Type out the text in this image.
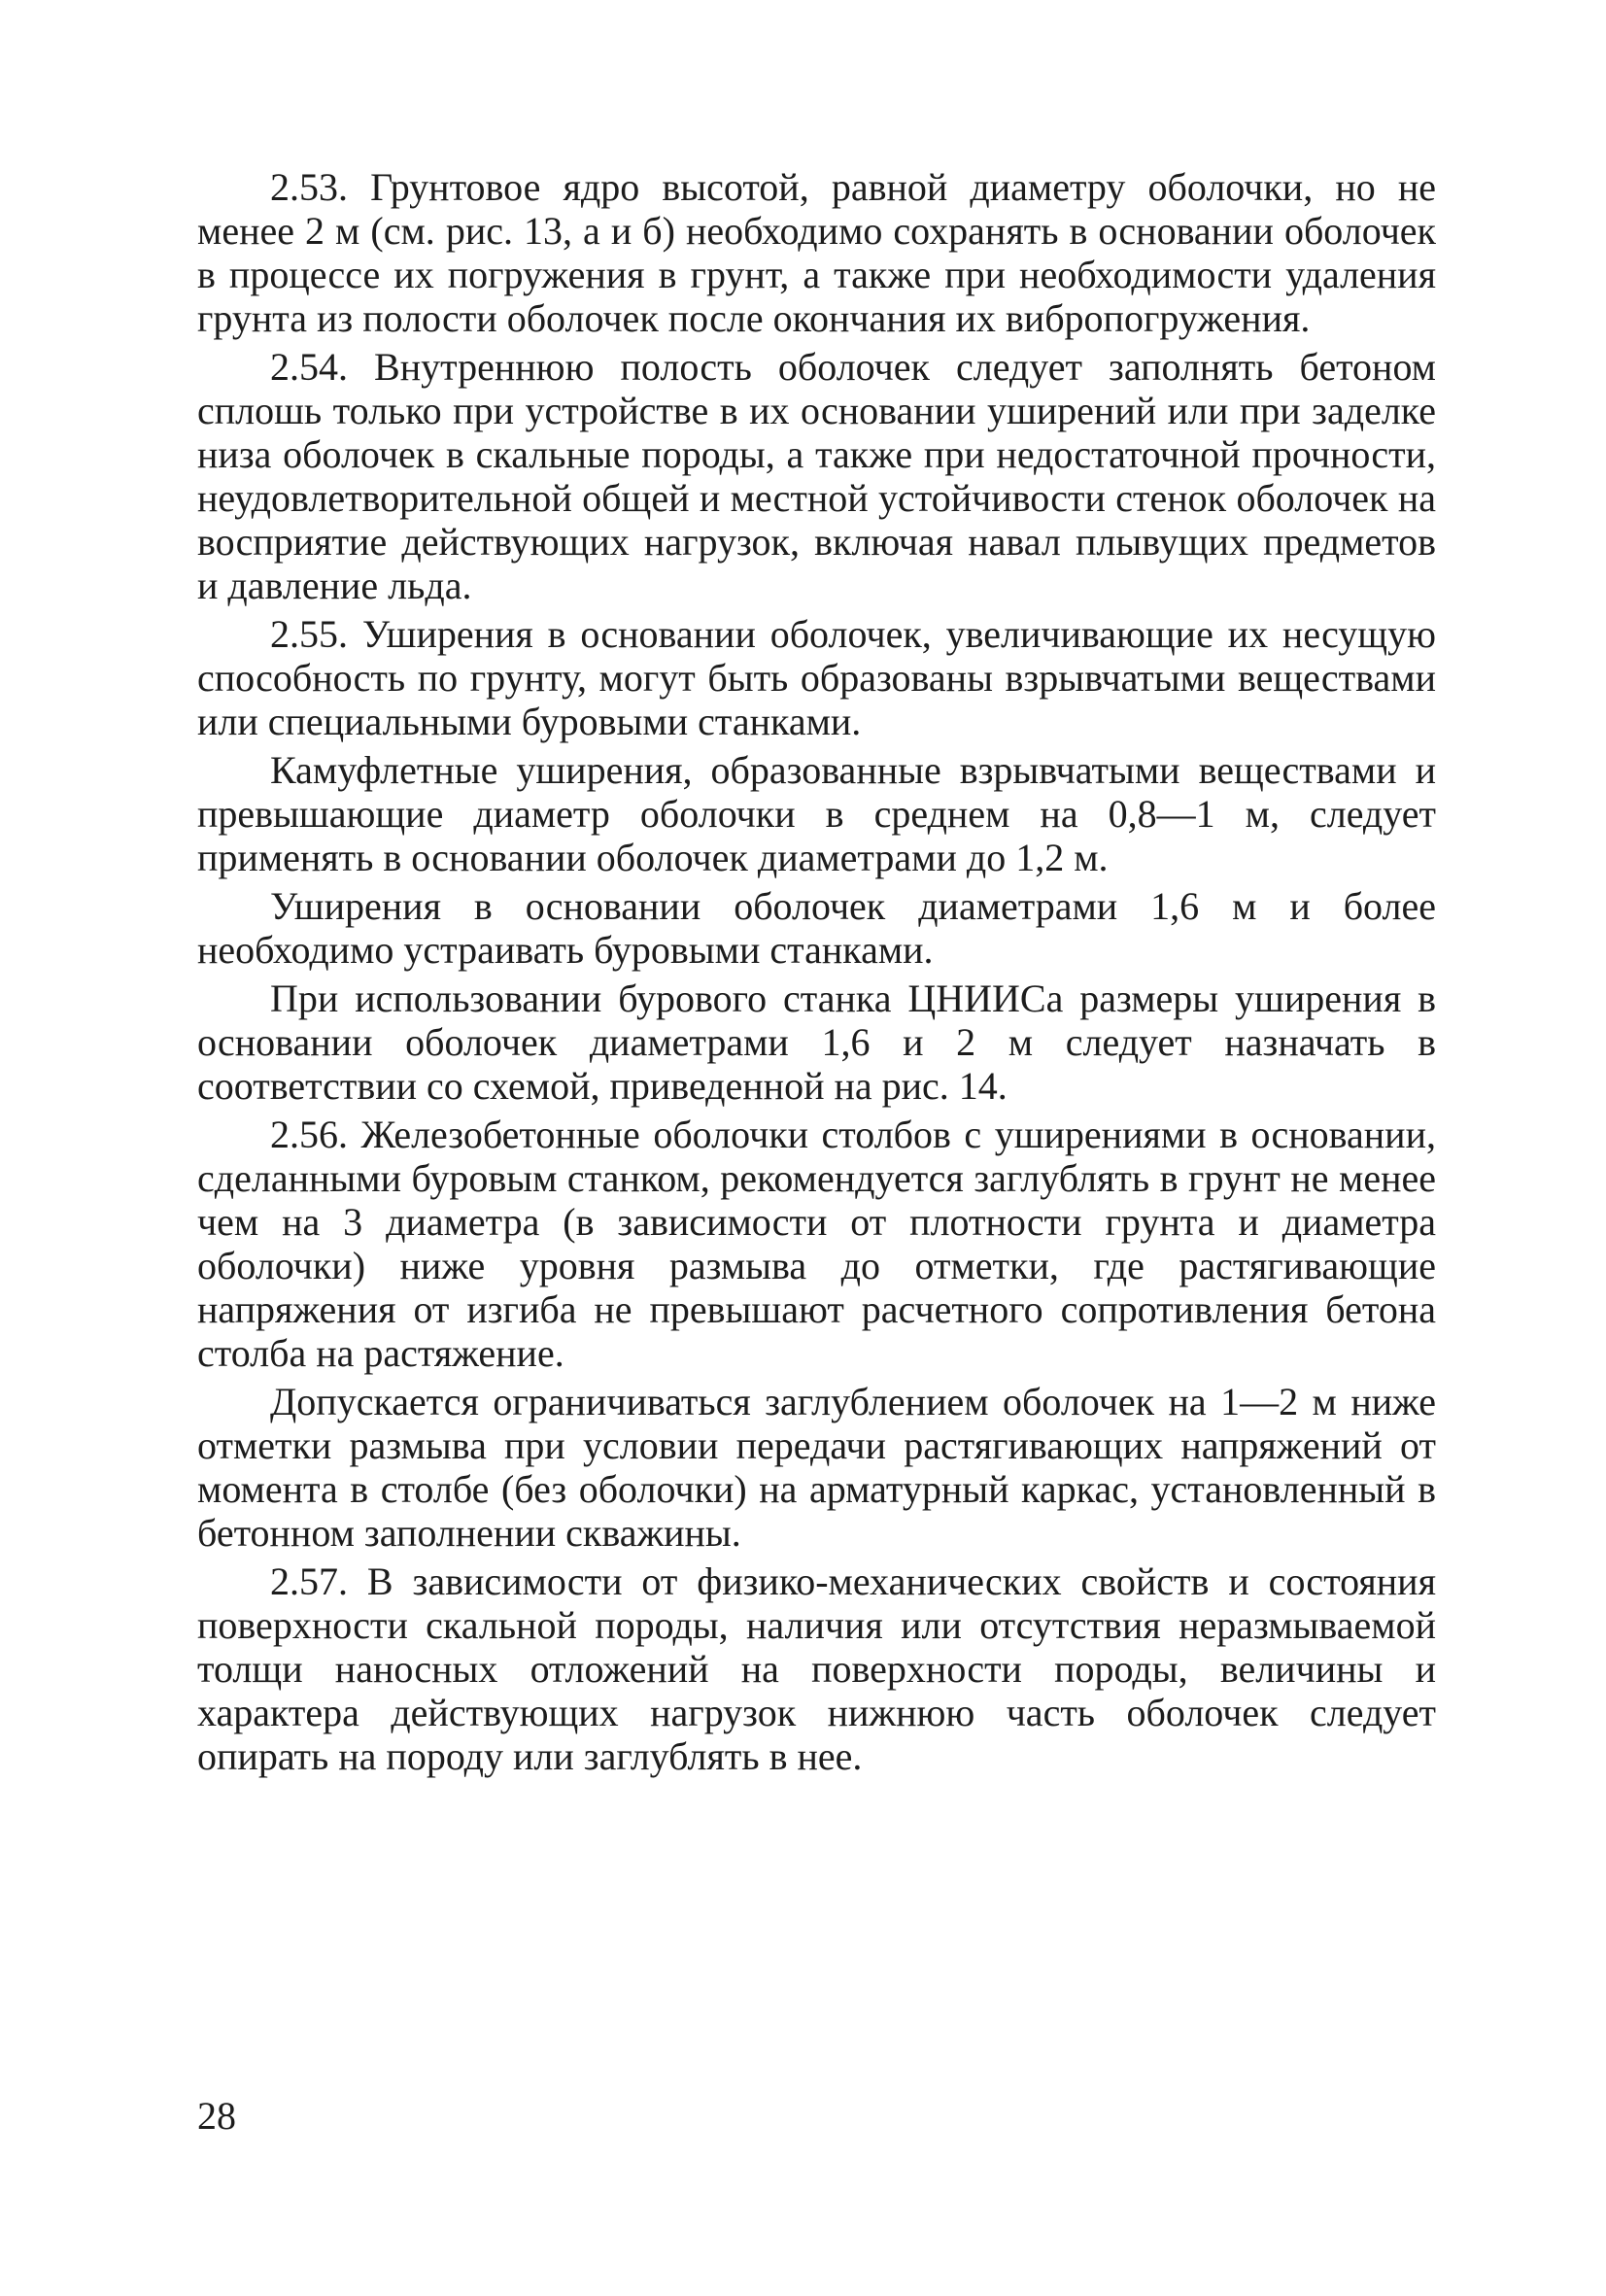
2.53. Грунтовое ядро высотой, равной диаметру оболочки, но не менее 2 м (см. рис. 13, а и б) необходимо сохранять в основании оболочек в процессе их погружения в грунт, а также при необходимости удаления грунта из полости оболочек после окончания их вибропогружения.

2.54. Внутреннюю полость оболочек следует заполнять бетоном сплошь только при устройстве в их основании уширений или при заделке низа оболочек в скальные породы, а также при недостаточной прочности, неудовлетворительной общей и местной устойчивости стенок оболочек на восприятие действующих нагрузок, включая навал плывущих предметов и давление льда.

2.55. Уширения в основании оболочек, увеличивающие их несущую способность по грунту, могут быть образованы взрывчатыми веществами или специальными буровыми станками.

Камуфлетные уширения, образованные взрывчатыми веществами и превышающие диаметр оболочки в среднем на 0,8—1 м, следует применять в основании оболочек диаметрами до 1,2 м.

Уширения в основании оболочек диаметрами 1,6 м и более необходимо устраивать буровыми станками.

При использовании бурового станка ЦНИИСа размеры уширения в основании оболочек диаметрами 1,6 и 2 м следует назначать в соответствии со схемой, приведенной на рис. 14.

2.56. Железобетонные оболочки столбов с уширениями в основании, сделанными буровым станком, рекомендуется заглублять в грунт не менее чем на 3 диаметра (в зависимости от плотности грунта и диаметра оболочки) ниже уровня размыва до отметки, где растягивающие напряжения от изгиба не превышают расчетного сопротивления бетона столба на растяжение.

Допускается ограничиваться заглублением оболочек на 1—2 м ниже отметки размыва при условии передачи растягивающих напряжений от момента в столбе (без оболочки) на арматурный каркас, установленный в бетонном заполнении скважины.

2.57. В зависимости от физико-механических свойств и состояния поверхности скальной породы, наличия или отсутствия неразмываемой толщи наносных отложений на поверхности породы, величины и характера действующих нагрузок нижнюю часть оболочек следует опирать на породу или заглублять в нее.

28
